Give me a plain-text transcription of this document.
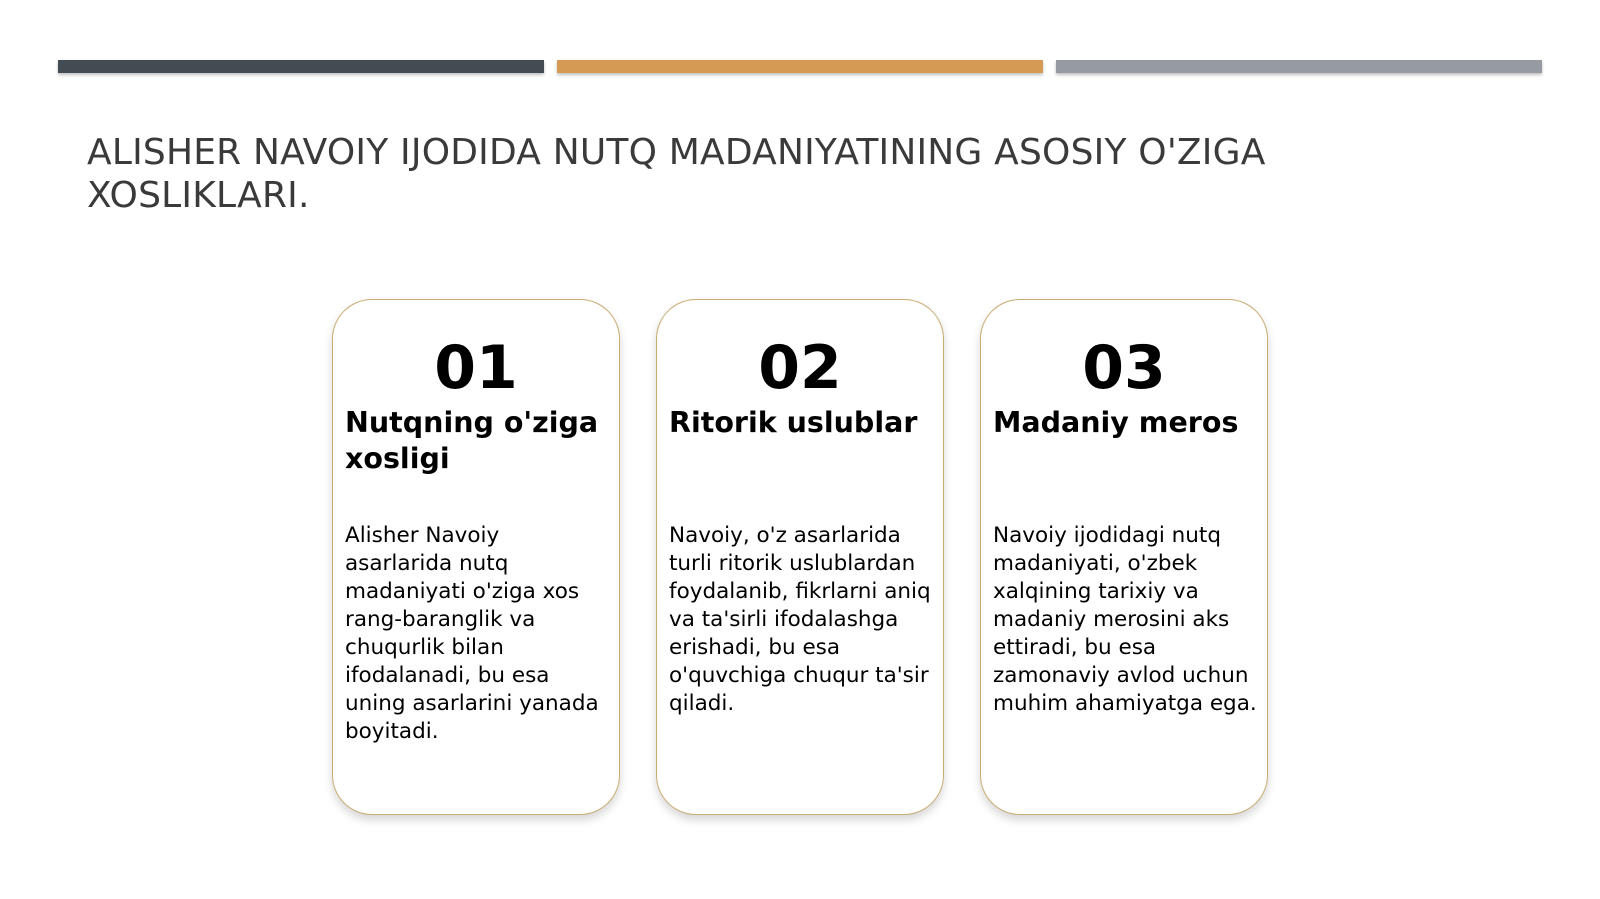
ALISHER NAVOIY IJODIDA NUTQ MADANIYATINING ASOSIY O'ZIGA XOSLIKLARI.
01
Nutqning o'ziga xosligi
Alisher Navoiy asarlarida nutq madaniyati o'ziga xos rang-baranglik va chuqurlik bilan ifodalanadi, bu esa uning asarlarini yanada boyitadi.
02
Ritorik uslublar
Navoiy, o'z asarlarida turli ritorik uslublardan foydalanib, fikrlarni aniq va ta'sirli ifodalashga erishadi, bu esa o'quvchiga chuqur ta'sir qiladi.
03
Madaniy meros
Navoiy ijodidagi nutq madaniyati, o'zbek xalqining tarixiy va madaniy merosini aks ettiradi, bu esa zamonaviy avlod uchun muhim ahamiyatga ega.
